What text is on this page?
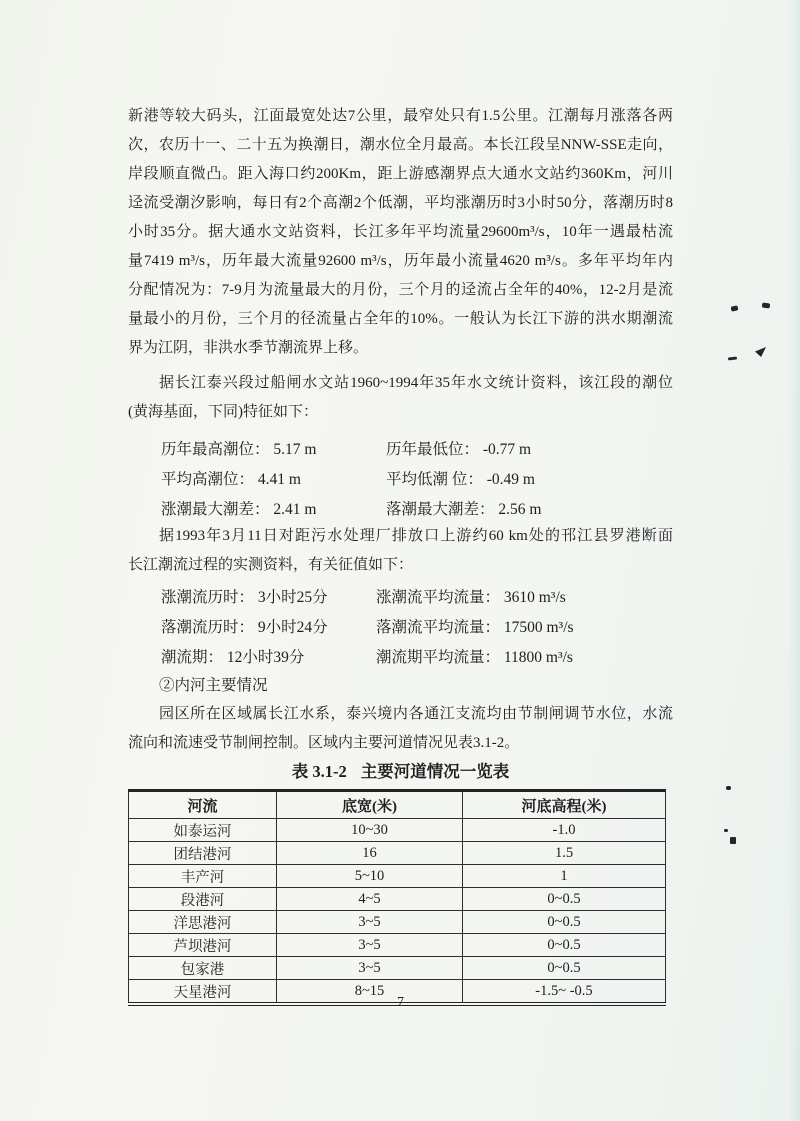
新港等较大码头，江面最宽处达7公里，最窄处只有1.5公里。江潮每月涨落各两
次，农历十一、二十五为换潮日，潮水位全月最高。本长江段呈NNW-SSE走向，
岸段顺直微凸。距入海口约200Km，距上游感潮界点大通水文站约360Km，河川
迳流受潮汐影响，每日有2个高潮2个低潮，平均涨潮历时3小时50分，落潮历时8
小时35分。据大通水文站资料，长江多年平均流量29600m³/s，10年一遇最枯流
量7419 m³/s，历年最大流量92600 m³/s，历年最小流量4620 m³/s。多年平均年内
分配情况为：7-9月为流量最大的月份，三个月的迳流占全年的40%，12-2月是流
量最小的月份，三个月的径流量占全年的10%。一般认为长江下游的洪水期潮流
界为江阴，非洪水季节潮流界上移。
据长江泰兴段过船闸水文站1960~1994年35年水文统计资料，该江段的潮位
(黄海基面，下同)特征如下：
历年最高潮位： 5.17 m	历年最低位： -0.77 m
平均高潮位： 4.41 m	平均低潮 位： -0.49 m
涨潮最大潮差： 2.41 m	落潮最大潮差： 2.56 m
据1993年3月11日对距污水处理厂排放口上游约60 km处的邗江县罗港断面
长江潮流过程的实测资料，有关征值如下：
涨潮流历时： 3小时25分	涨潮流平均流量： 3610 m³/s
落潮流历时： 9小时24分	落潮流平均流量： 17500 m³/s
潮流期： 12小时39分	潮流期平均流量： 11800 m³/s
②内河主要情况
园区所在区域属长江水系，泰兴境内各通江支流均由节制闸调节水位，水流
流向和流速受节制闸控制。区域内主要河道情况见表3.1-2。
表 3.1-2 主要河道情况一览表
河流	底宽(米)	河底高程(米)
如泰运河	10~30	-1.0
团结港河	16	1.5
丰产河	5~10	1
段港河	4~5	0~0.5
洋思港河	3~5	0~0.5
芦坝港河	3~5	0~0.5
包家港	3~5	0~0.5
天星港河	8~15	-1.5~ -0.5
7
